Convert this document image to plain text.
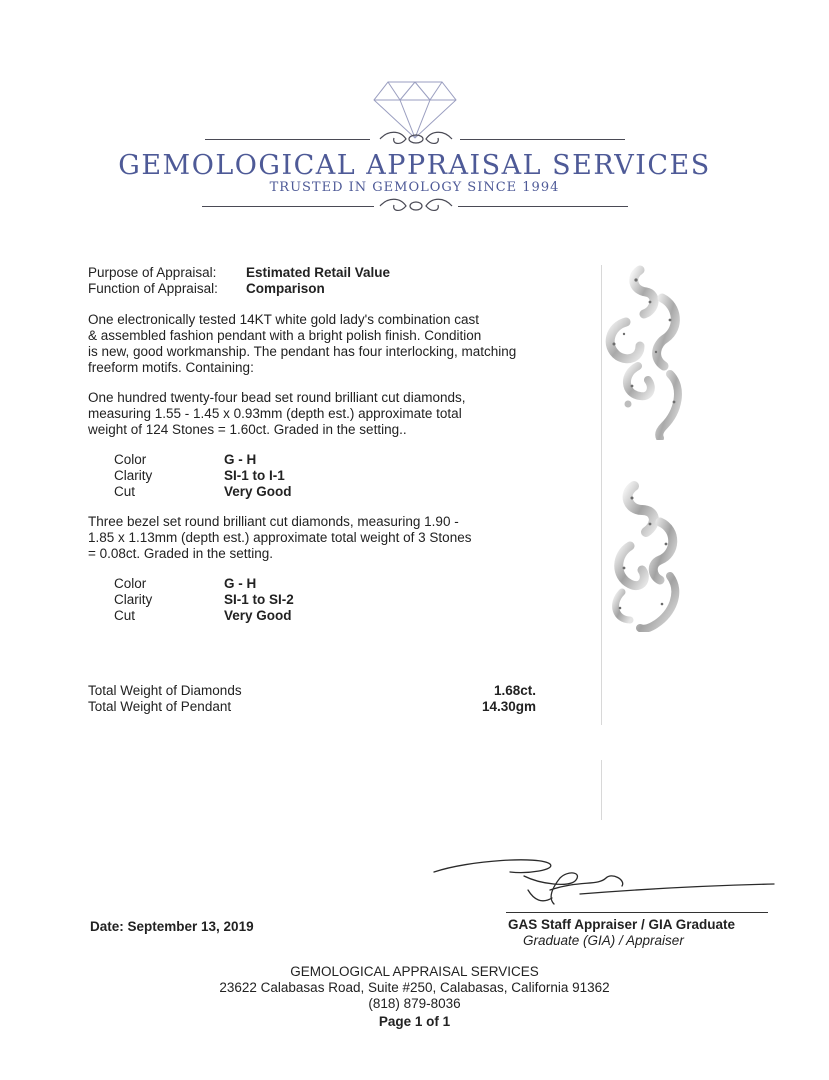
GEMOLOGICAL APPRAISAL SERVICES
TRUSTED IN GEMOLOGY SINCE 1994
Purpose of Appraisal: Estimated Retail Value
Function of Appraisal: Comparison
One electronically tested 14KT white gold lady's combination cast
& assembled fashion pendant with a bright polish finish. Condition
is new, good workmanship. The pendant has four interlocking, matching
freeform motifs. Containing:
One hundred twenty-four bead set round brilliant cut diamonds,
measuring 1.55 - 1.45 x 0.93mm (depth est.) approximate total
weight of 124 Stones = 1.60ct. Graded in the setting..
Color	G - H
Clarity	SI-1 to I-1
Cut	Very Good
Three bezel set round brilliant cut diamonds, measuring 1.90 -
1.85 x 1.13mm (depth est.) approximate total weight of 3 Stones
= 0.08ct. Graded in the setting.
Color	G - H
Clarity	SI-1 to SI-2
Cut	Very Good
Total Weight of Diamonds	1.68ct.
Total Weight of Pendant	14.30gm
Date: September 13, 2019	GAS Staff Appraiser / GIA Graduate
Graduate (GIA) / Appraiser
GEMOLOGICAL APPRAISAL SERVICES
23622 Calabasas Road, Suite #250, Calabasas, California 91362
(818) 879-8036
Page 1 of 1
